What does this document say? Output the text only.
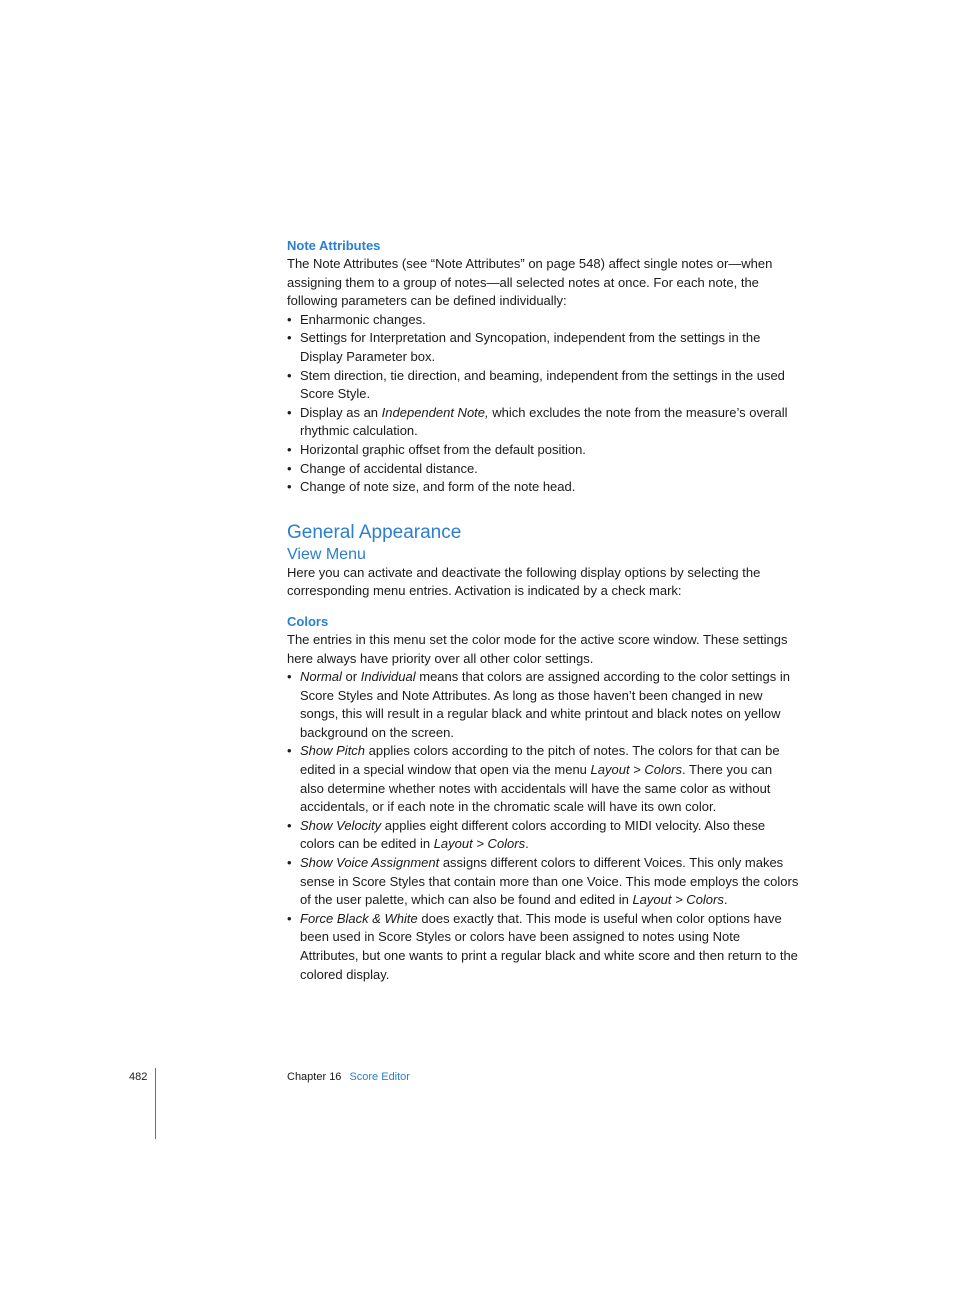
Note Attributes

The Note Attributes (see “Note Attributes” on page 548) affect single notes or—when assigning them to a group of notes—all selected notes at once. For each note, the following parameters can be defined individually:

• Enharmonic changes.
• Settings for Interpretation and Syncopation, independent from the settings in the Display Parameter box.
• Stem direction, tie direction, and beaming, independent from the settings in the used Score Style.
• Display as an Independent Note, which excludes the note from the measure’s overall rhythmic calculation.
• Horizontal graphic offset from the default position.
• Change of accidental distance.
• Change of note size, and form of the note head.
General Appearance
View Menu

Here you can activate and deactivate the following display options by selecting the corresponding menu entries. Activation is indicated by a check mark:

Colors

The entries in this menu set the color mode for the active score window. These settings here always have priority over all other color settings.

• Normal or Individual means that colors are assigned according to the color settings in Score Styles and Note Attributes. As long as those haven’t been changed in new songs, this will result in a regular black and white printout and black notes on yellow background on the screen.
• Show Pitch applies colors according to the pitch of notes. The colors for that can be edited in a special window that open via the menu Layout > Colors. There you can also determine whether notes with accidentals will have the same color as without accidentals, or if each note in the chromatic scale will have its own color.
• Show Velocity applies eight different colors according to MIDI velocity. Also these colors can be edited in Layout > Colors.
• Show Voice Assignment assigns different colors to different Voices. This only makes sense in Score Styles that contain more than one Voice. This mode employs the colors of the user palette, which can also be found and edited in Layout > Colors.
• Force Black & White does exactly that. This mode is useful when color options have been used in Score Styles or colors have been assigned to notes using Note Attributes, but one wants to print a regular black and white score and then return to the colored display.
482	Chapter 16 Score Editor
